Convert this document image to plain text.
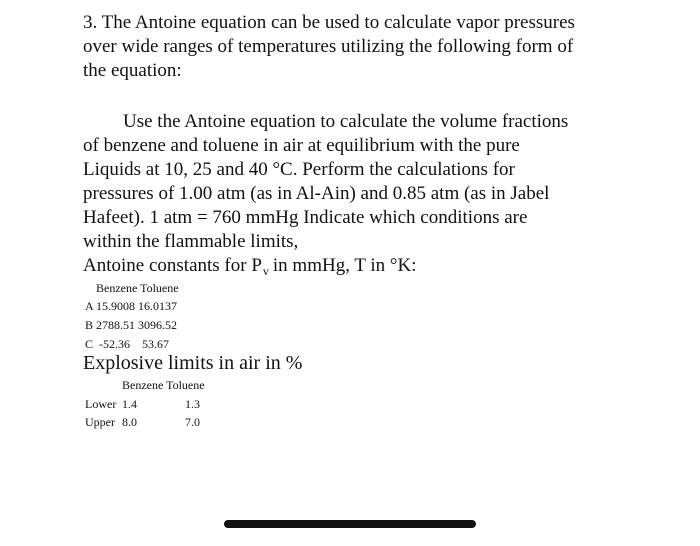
3. The Antoine equation can be used to calculate vapor pressures
over wide ranges of temperatures utilizing the following form of
the equation:
Use the Antoine equation to calculate the volume fractions
of benzene and toluene in air at equilibrium with the pure
Liquids at 10, 25 and 40 °C. Perform the calculations for
pressures of 1.00 atm (as in Al-Ain) and 0.85 atm (as in Jabel
Hafeet). 1 atm = 760 mmHg Indicate which conditions are
within the flammable limits,
Antoine constants for $P_v$ in mmHg, T in °K:
Benzene Toluene
A 15.9008 16.0137
B 2788.51 3096.52
C  -52.36    53.67
Explosive limits in air in %
Benzene Toluene
Lower 1.4	1.3
Upper 8.0	7.0
